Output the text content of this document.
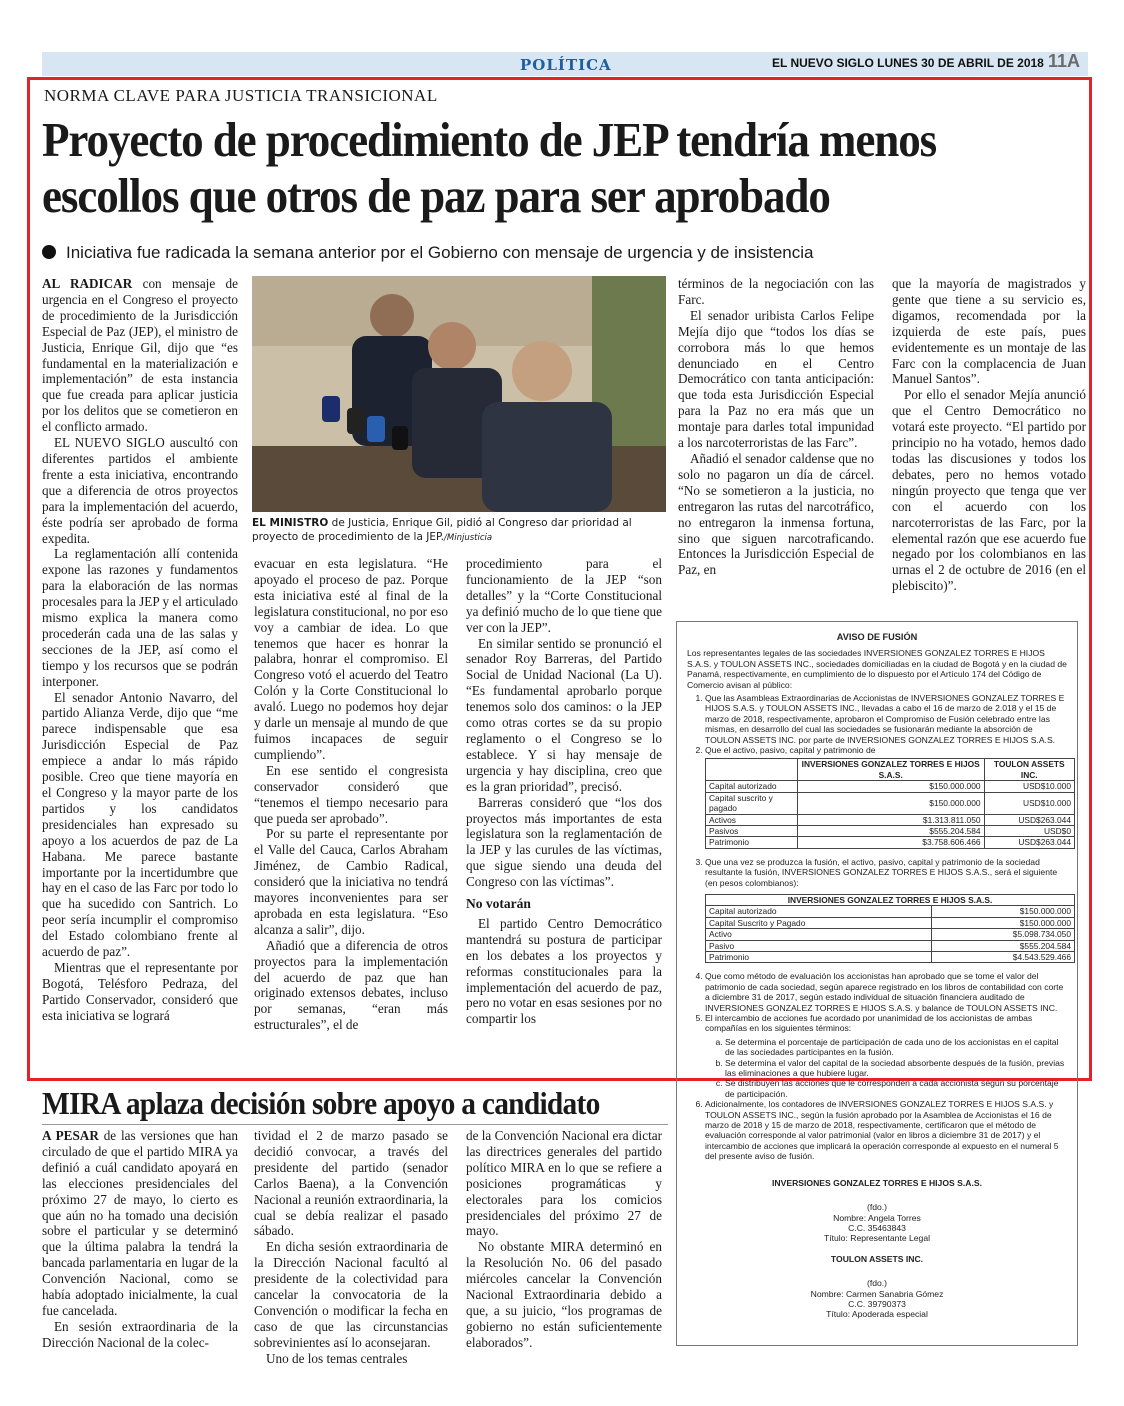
POLÍTICA	EL NUEVO SIGLO LUNES 30 DE ABRIL DE 2018 11A
NORMA CLAVE PARA JUSTICIA TRANSICIONAL
Proyecto de procedimiento de JEP tendría menos escollos que otros de paz para ser aprobado
Iniciativa fue radicada la semana anterior por el Gobierno con mensaje de urgencia y de insistencia

AL RADICAR con mensaje de urgencia en el Congreso el proyecto de procedimiento de la Jurisdicción Especial de Paz (JEP), el ministro de Justicia, Enrique Gil, dijo que “es fundamental en la materialización e implementación” de esta instancia que fue creada para aplicar justicia por los delitos que se cometieron en el conflicto armado.

EL NUEVO SIGLO auscultó con diferentes partidos el ambiente frente a esta iniciativa, encontrando que a diferencia de otros proyectos para la implementación del acuerdo, éste podría ser aprobado de forma expedita.

La reglamentación allí contenida expone las razones y fundamentos para la elaboración de las normas procesales para la JEP y el articulado mismo explica la manera como procederán cada una de las salas y secciones de la JEP, así como el tiempo y los recursos que se podrán interponer.

El senador Antonio Navarro, del partido Alianza Verde, dijo que “me parece indispensable que esa Jurisdicción Especial de Paz empiece a andar lo más rápido posible. Creo que tiene mayoría en el Congreso y la mayor parte de los partidos y los candidatos presidenciales han expresado su apoyo a los acuerdos de paz de La Habana. Me parece bastante importante por la incertidumbre que hay en el caso de las Farc por todo lo que ha sucedido con Santrich. Lo peor sería incumplir el compromiso del Estado colombiano frente al acuerdo de paz”.

Mientras que el representante por Bogotá, Telésforo Pedraza, del Partido Conservador, consideró que esta iniciativa se logrará

EL MINISTRO de Justicia, Enrique Gil, pidió al Congreso dar prioridad al proyecto de procedimiento de la JEP./Minjusticia

evacuar en esta legislatura. “He apoyado el proceso de paz. Porque esta iniciativa esté al final de la legislatura constitucional, no por eso voy a cambiar de idea. Lo que tenemos que hacer es honrar la palabra, honrar el compromiso. El Congreso votó el acuerdo del Teatro Colón y la Corte Constitucional lo avaló. Luego no podemos hoy dejar y darle un mensaje al mundo de que fuimos incapaces de seguir cumpliendo”.

En ese sentido el congresista conservador consideró que “tenemos el tiempo necesario para que pueda ser aprobado”.

Por su parte el representante por el Valle del Cauca, Carlos Abraham Jiménez, de Cambio Radical, consideró que la iniciativa no tendrá mayores inconvenientes para ser aprobada en esta legislatura. “Eso alcanza a salir”, dijo.

Añadió que a diferencia de otros proyectos para la implementación del acuerdo de paz que han originado extensos debates, incluso por semanas, “eran más estructurales”, el de

procedimiento para el funcionamiento de la JEP “son detalles” y la “Corte Constitucional ya definió mucho de lo que tiene que ver con la JEP”.

En similar sentido se pronunció el senador Roy Barreras, del Partido Social de Unidad Nacional (La U). “Es fundamental aprobarlo porque tenemos solo dos caminos: o la JEP como otras cortes se da su propio reglamento o el Congreso se lo establece. Y si hay mensaje de urgencia y hay disciplina, creo que es la gran prioridad”, precisó.

Barreras consideró que “los dos proyectos más importantes de esta legislatura son la reglamentación de la JEP y las curules de las víctimas, que sigue siendo una deuda del Congreso con las víctimas”.

No votarán

El partido Centro Democrático mantendrá su postura de participar en los debates a los proyectos y reformas constitucionales para la implementación del acuerdo de paz, pero no votar en esas sesiones por no compartir los

términos de la negociación con las Farc.

El senador uribista Carlos Felipe Mejía dijo que “todos los días se corrobora más lo que hemos denunciado en el Centro Democrático con tanta anticipación: que toda esta Jurisdicción Especial para la Paz no era más que un montaje para darles total impunidad a los narcoterroristas de las Farc”.

Añadió el senador caldense que no solo no pagaron un día de cárcel. “No se sometieron a la justicia, no entregaron las rutas del narcotráfico, no entregaron la inmensa fortuna, sino que siguen narcotraficando. Entonces la Jurisdicción Especial de Paz, en

que la mayoría de magistrados y gente que tiene a su servicio es, digamos, recomendada por la izquierda de este país, pues evidentemente es un montaje de las Farc con la complacencia de Juan Manuel Santos”.

Por ello el senador Mejía anunció que el Centro Democrático no votará este proyecto. “El partido por principio no ha votado, hemos dado todas las discusiones y todos los debates, pero no hemos votado ningún proyecto que tenga que ver con el acuerdo con los narcoterroristas de las Farc, por la elemental razón que ese acuerdo fue negado por los colombianos en las urnas el 2 de octubre de 2016 (en el plebiscito)”.

AVISO DE FUSIÓN
Los representantes legales de las sociedades INVERSIONES GONZALEZ TORRES E HIJOS S.A.S. y TOULON ASSETS INC., sociedades domiciliadas en la ciudad de Bogotá y en la ciudad de Panamá, respectivamente, en cumplimiento de lo dispuesto por el Artículo 174 del Código de Comercio avisan al público:
1. Que las Asambleas Extraordinarias de Accionistas de INVERSIONES GONZALEZ TORRES E HIJOS S.A.S. y TOULON ASSETS INC., llevadas a cabo el 16 de marzo de 2.018 y el 15 de marzo de 2018, respectivamente, aprobaron el Compromiso de Fusión celebrado entre las mismas, en desarrollo del cual las sociedades se fusionarán mediante la absorción de TOULON ASSETS INC. por parte de INVERSIONES GONZALEZ TORRES E HIJOS S.A.S.
2. Que el activo, pasivo, capital y patrimonio de
	INVERSIONES GONZALEZ TORRES E HIJOS S.A.S.	TOULON ASSETS INC.
Capital autorizado	$150.000.000	USD$10.000
Capital suscrito y pagado	$150.000.000	USD$10.000
Activos	$1.313.811.050	USD$263.044
Pasivos	$555.204.584	USD$0
Patrimonio	$3.758.606.466	USD$263.044
3. Que una vez se produzca la fusión, el activo, pasivo, capital y patrimonio de la sociedad resultante la fusión, INVERSIONES GONZALEZ TORRES E HIJOS S.A.S., será el siguiente (en pesos colombianos):
INVERSIONES GONZALEZ TORRES E HIJOS S.A.S.	
Capital autorizado	$150.000.000
Capital Suscrito y Pagado	$150.000.000
Activo	$5.098.734.050
Pasivo	$555.204.584
Patrimonio	$4.543.529.466
4. Que como método de evaluación los accionistas han aprobado que se tome el valor del patrimonio de cada sociedad, según aparece registrado en los libros de contabilidad con corte a diciembre 31 de 2017, según estado individual de situación financiera auditado de INVERSIONES GONZALEZ TORRES E HIJOS S.A.S. y balance de TOULON ASSETS INC.
5. El intercambio de acciones fue acordado por unanimidad de los accionistas de ambas compañías en los siguientes términos:
a. Se determina el porcentaje de participación de cada uno de los accionistas en el capital de las sociedades participantes en la fusión.
b. Se determina el valor del capital de la sociedad absorbente después de la fusión, previas las eliminaciones a que hubiere lugar.
c. Se distribuyen las acciones que le corresponden a cada accionista según su porcentaje de participación.
6. Adicionalmente, los contadores de INVERSIONES GONZALEZ TORRES E HIJOS S.A.S. y TOULON ASSETS INC., según la fusión aprobado por la Asamblea de Accionistas el 16 de marzo de 2018 y 15 de marzo de 2018, respectivamente, certificaron que el método de evaluación corresponde al valor patrimonial (valor en libros a diciembre 31 de 2017) y el intercambio de acciones que implicará la operación corresponde al expuesto en el numeral 5 del presente aviso de fusión.
INVERSIONES GONZALEZ TORRES E HIJOS S.A.S.
(fdo.)
Nombre: Angela Torres
C.C. 35463843
Título: Representante Legal
TOULON ASSETS INC.
(fdo.)
Nombre: Carmen Sanabria Gómez
C.C. 39790373
Título: Apoderada especial
MIRA aplaza decisión sobre apoyo a candidato

A PESAR de las versiones que han circulado de que el partido MIRA ya definió a cuál candidato apoyará en las elecciones presidenciales del próximo 27 de mayo, lo cierto es que aún no ha tomado una decisión sobre el particular y se determinó que la última palabra la tendrá la bancada parlamentaria en lugar de la Convención Nacional, como se había adoptado inicialmente, la cual fue cancelada.

En sesión extraordinaria de la Dirección Nacional de la colec-

tividad el 2 de marzo pasado se decidió convocar, a través del presidente del partido (senador Carlos Baena), a la Convención Nacional a reunión extraordinaria, la cual se debía realizar el pasado sábado.

En dicha sesión extraordinaria de la Dirección Nacional facultó al presidente de la colectividad para cancelar la convocatoria de la Convención o modificar la fecha en caso de que las circunstancias sobrevinientes así lo aconsejaran.

Uno de los temas centrales

de la Convención Nacional era dictar las directrices generales del partido político MIRA en lo que se refiere a posiciones programáticas y electorales para los comicios presidenciales del próximo 27 de mayo.

No obstante MIRA determinó en la Resolución No. 06 del pasado miércoles cancelar la Convención Nacional Extraordinaria debido a que, a su juicio, “los programas de gobierno no están suficientemente elaborados”.
